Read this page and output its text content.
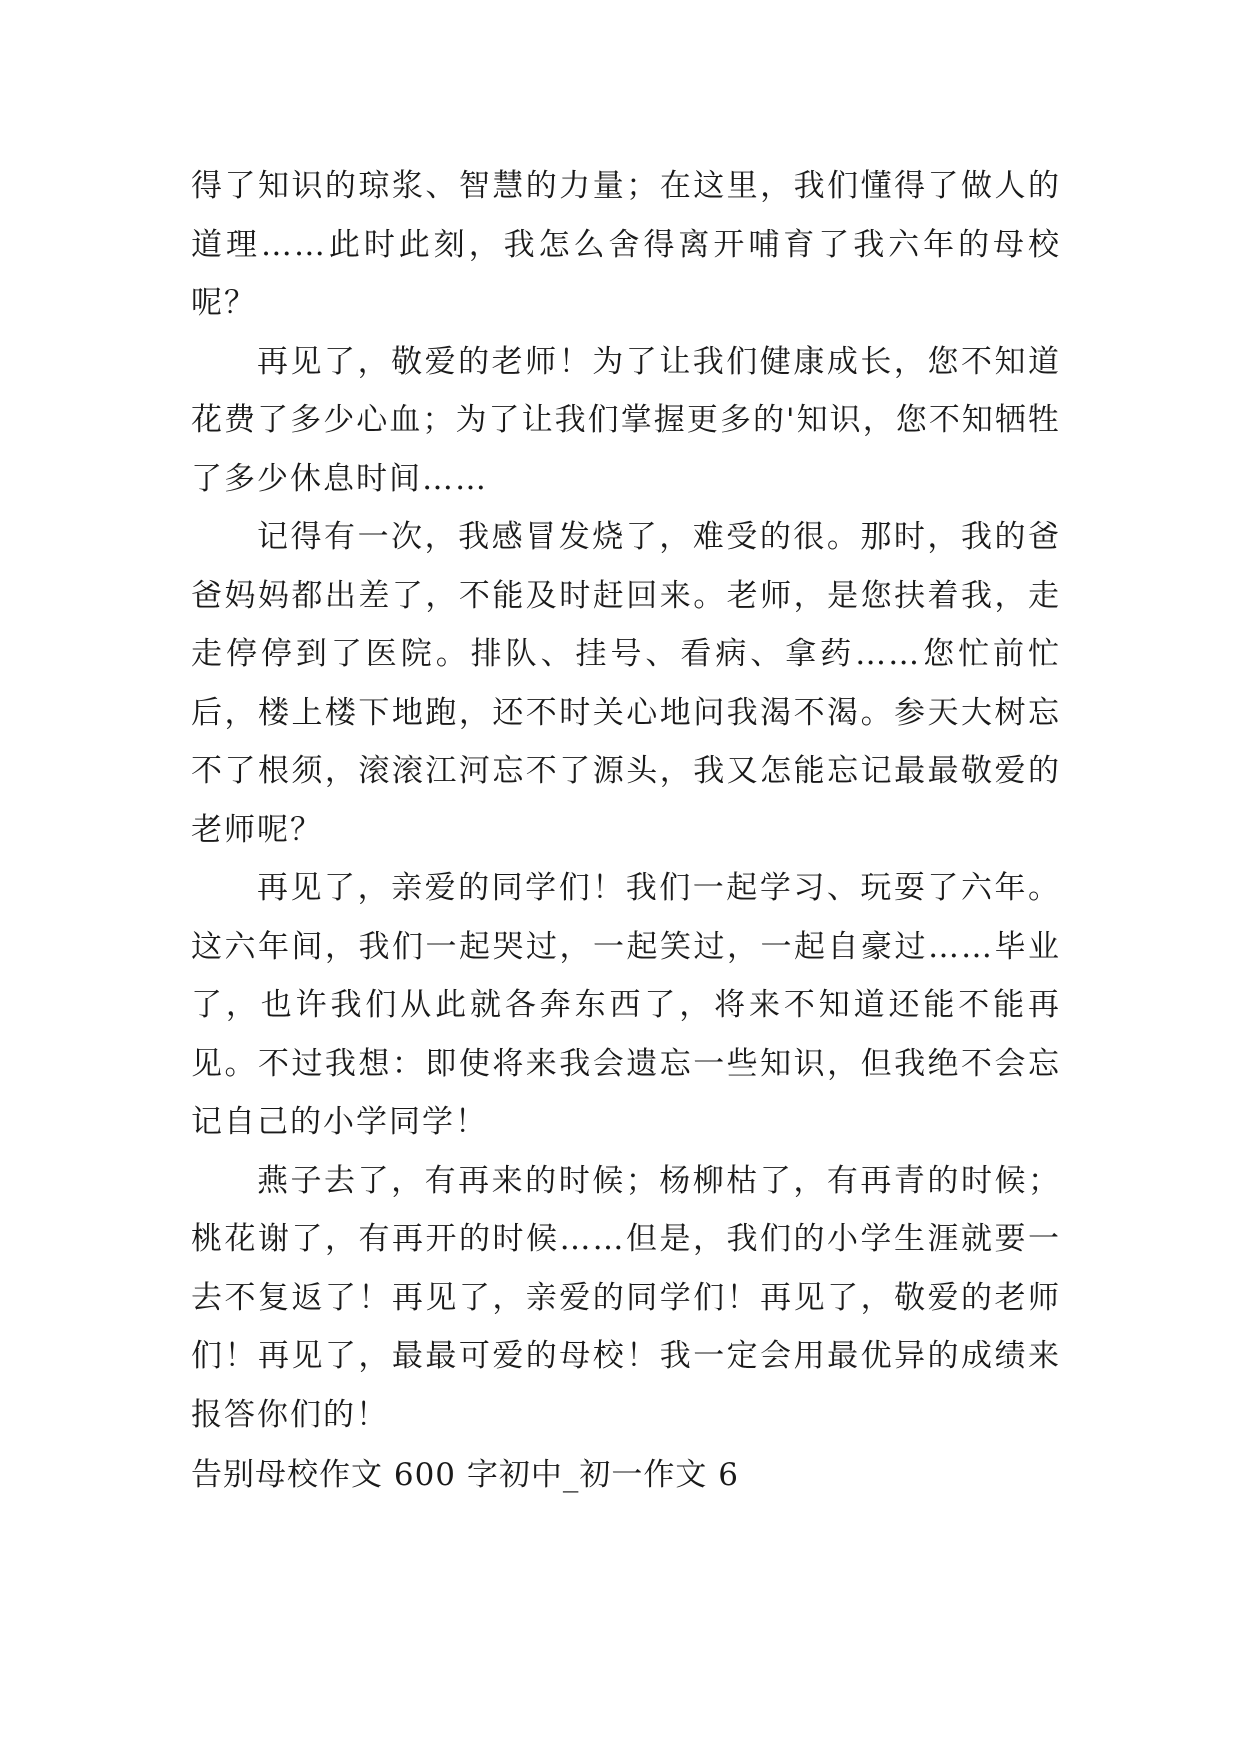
得了知识的琼浆、智慧的力量；在这里，我们懂得了做人的道理……此时此刻，我怎么舍得离开哺育了我六年的母校呢？

再见了，敬爱的老师！为了让我们健康成长，您不知道花费了多少心血；为了让我们掌握更多的'知识，您不知牺牲了多少休息时间……

记得有一次，我感冒发烧了，难受的很。那时，我的爸爸妈妈都出差了，不能及时赶回来。老师，是您扶着我，走走停停到了医院。排队、挂号、看病、拿药……您忙前忙后，楼上楼下地跑，还不时关心地问我渴不渴。参天大树忘不了根须，滚滚江河忘不了源头，我又怎能忘记最最敬爱的老师呢？

再见了，亲爱的同学们！我们一起学习、玩耍了六年。这六年间，我们一起哭过，一起笑过，一起自豪过……毕业了，也许我们从此就各奔东西了，将来不知道还能不能再见。不过我想：即使将来我会遗忘一些知识，但我绝不会忘记自己的小学同学！

燕子去了，有再来的时候；杨柳枯了，有再青的时候；桃花谢了，有再开的时候……但是，我们的小学生涯就要一去不复返了！再见了，亲爱的同学们！再见了，敬爱的老师们！再见了，最最可爱的母校！我一定会用最优异的成绩来报答你们的！

告别母校作文 600 字初中_初一作文 6
